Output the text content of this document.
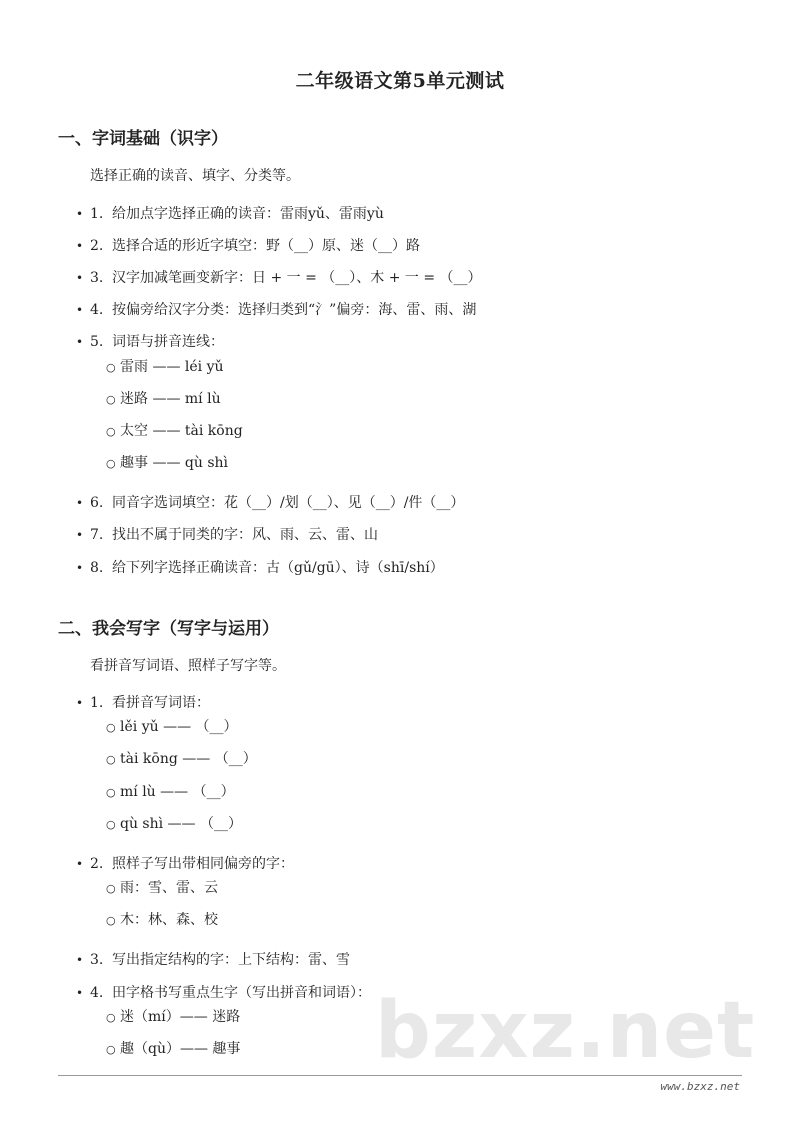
二年级语文第5单元测试
一、字词基础（识字）
选择正确的读音、填字、分类等。
• 1. 给加点字选择正确的读音：雷雨yǔ、雷雨yù
• 2. 选择合适的形近字填空：野（__）原、迷（__）路
• 3. 汉字加减笔画变新字：日 + 一 = （__）、木 + 一 = （__）
• 4. 按偏旁给汉字分类：选择归类到“氵”偏旁：海、雷、雨、湖
• 5. 词语与拼音连线：
○ 雷雨 —— léi yǔ
○ 迷路 —— mí lù
○ 太空 —— tài kōng
○ 趣事 —— qù shì
• 6. 同音字选词填空：花（__）/划（__）、见（__）/件（__）
• 7. 找出不属于同类的字：风、雨、云、雷、山
• 8. 给下列字选择正确读音：古（gǔ/gū）、诗（shī/shí）
二、我会写字（写字与运用）
看拼音写词语、照样子写字等。
• 1. 看拼音写词语：
○ lěi yǔ —— （__）
○ tài kōng —— （__）
○ mí lù —— （__）
○ qù shì —— （__）
• 2. 照样子写出带相同偏旁的字：
○ 雨：雪、雷、云
○ 木：林、森、校
• 3. 写出指定结构的字：上下结构：雷、雪
• 4. 田字格书写重点生字（写出拼音和词语）：
○ 迷（mí）—— 迷路
○ 趣（qù）—— 趣事 bzxz.net
www.bzxz.net
